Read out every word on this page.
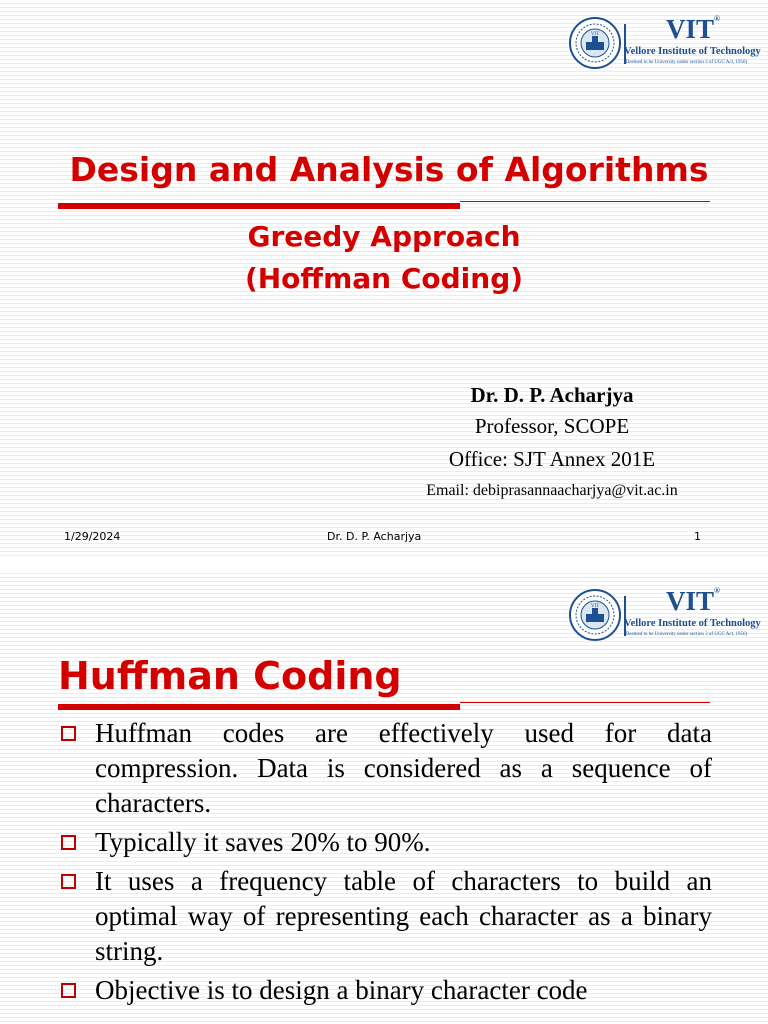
VIT VIT®
Vellore Institute of Technology
(Deemed to be University under section 3 of UGC Act, 1956)
Design and Analysis of Algorithms
Greedy Approach
(Hoffman Coding)
Dr. D. P. Acharjya
Professor, SCOPE
Office: SJT Annex 201E
Email: debiprasannaacharjya@vit.ac.in
1/29/2024	Dr. D. P. Acharjya	1
VIT VIT®
Vellore Institute of Technology
(Deemed to be University under section 3 of UGC Act, 1956)
Huffman Coding
Huffman codes are effectively used for data compression. Data is considered as a sequence of characters.
Typically it saves 20% to 90%.
It uses a frequency table of characters to build an optimal way of representing each character as a binary string.
Objective is to design a binary character code
